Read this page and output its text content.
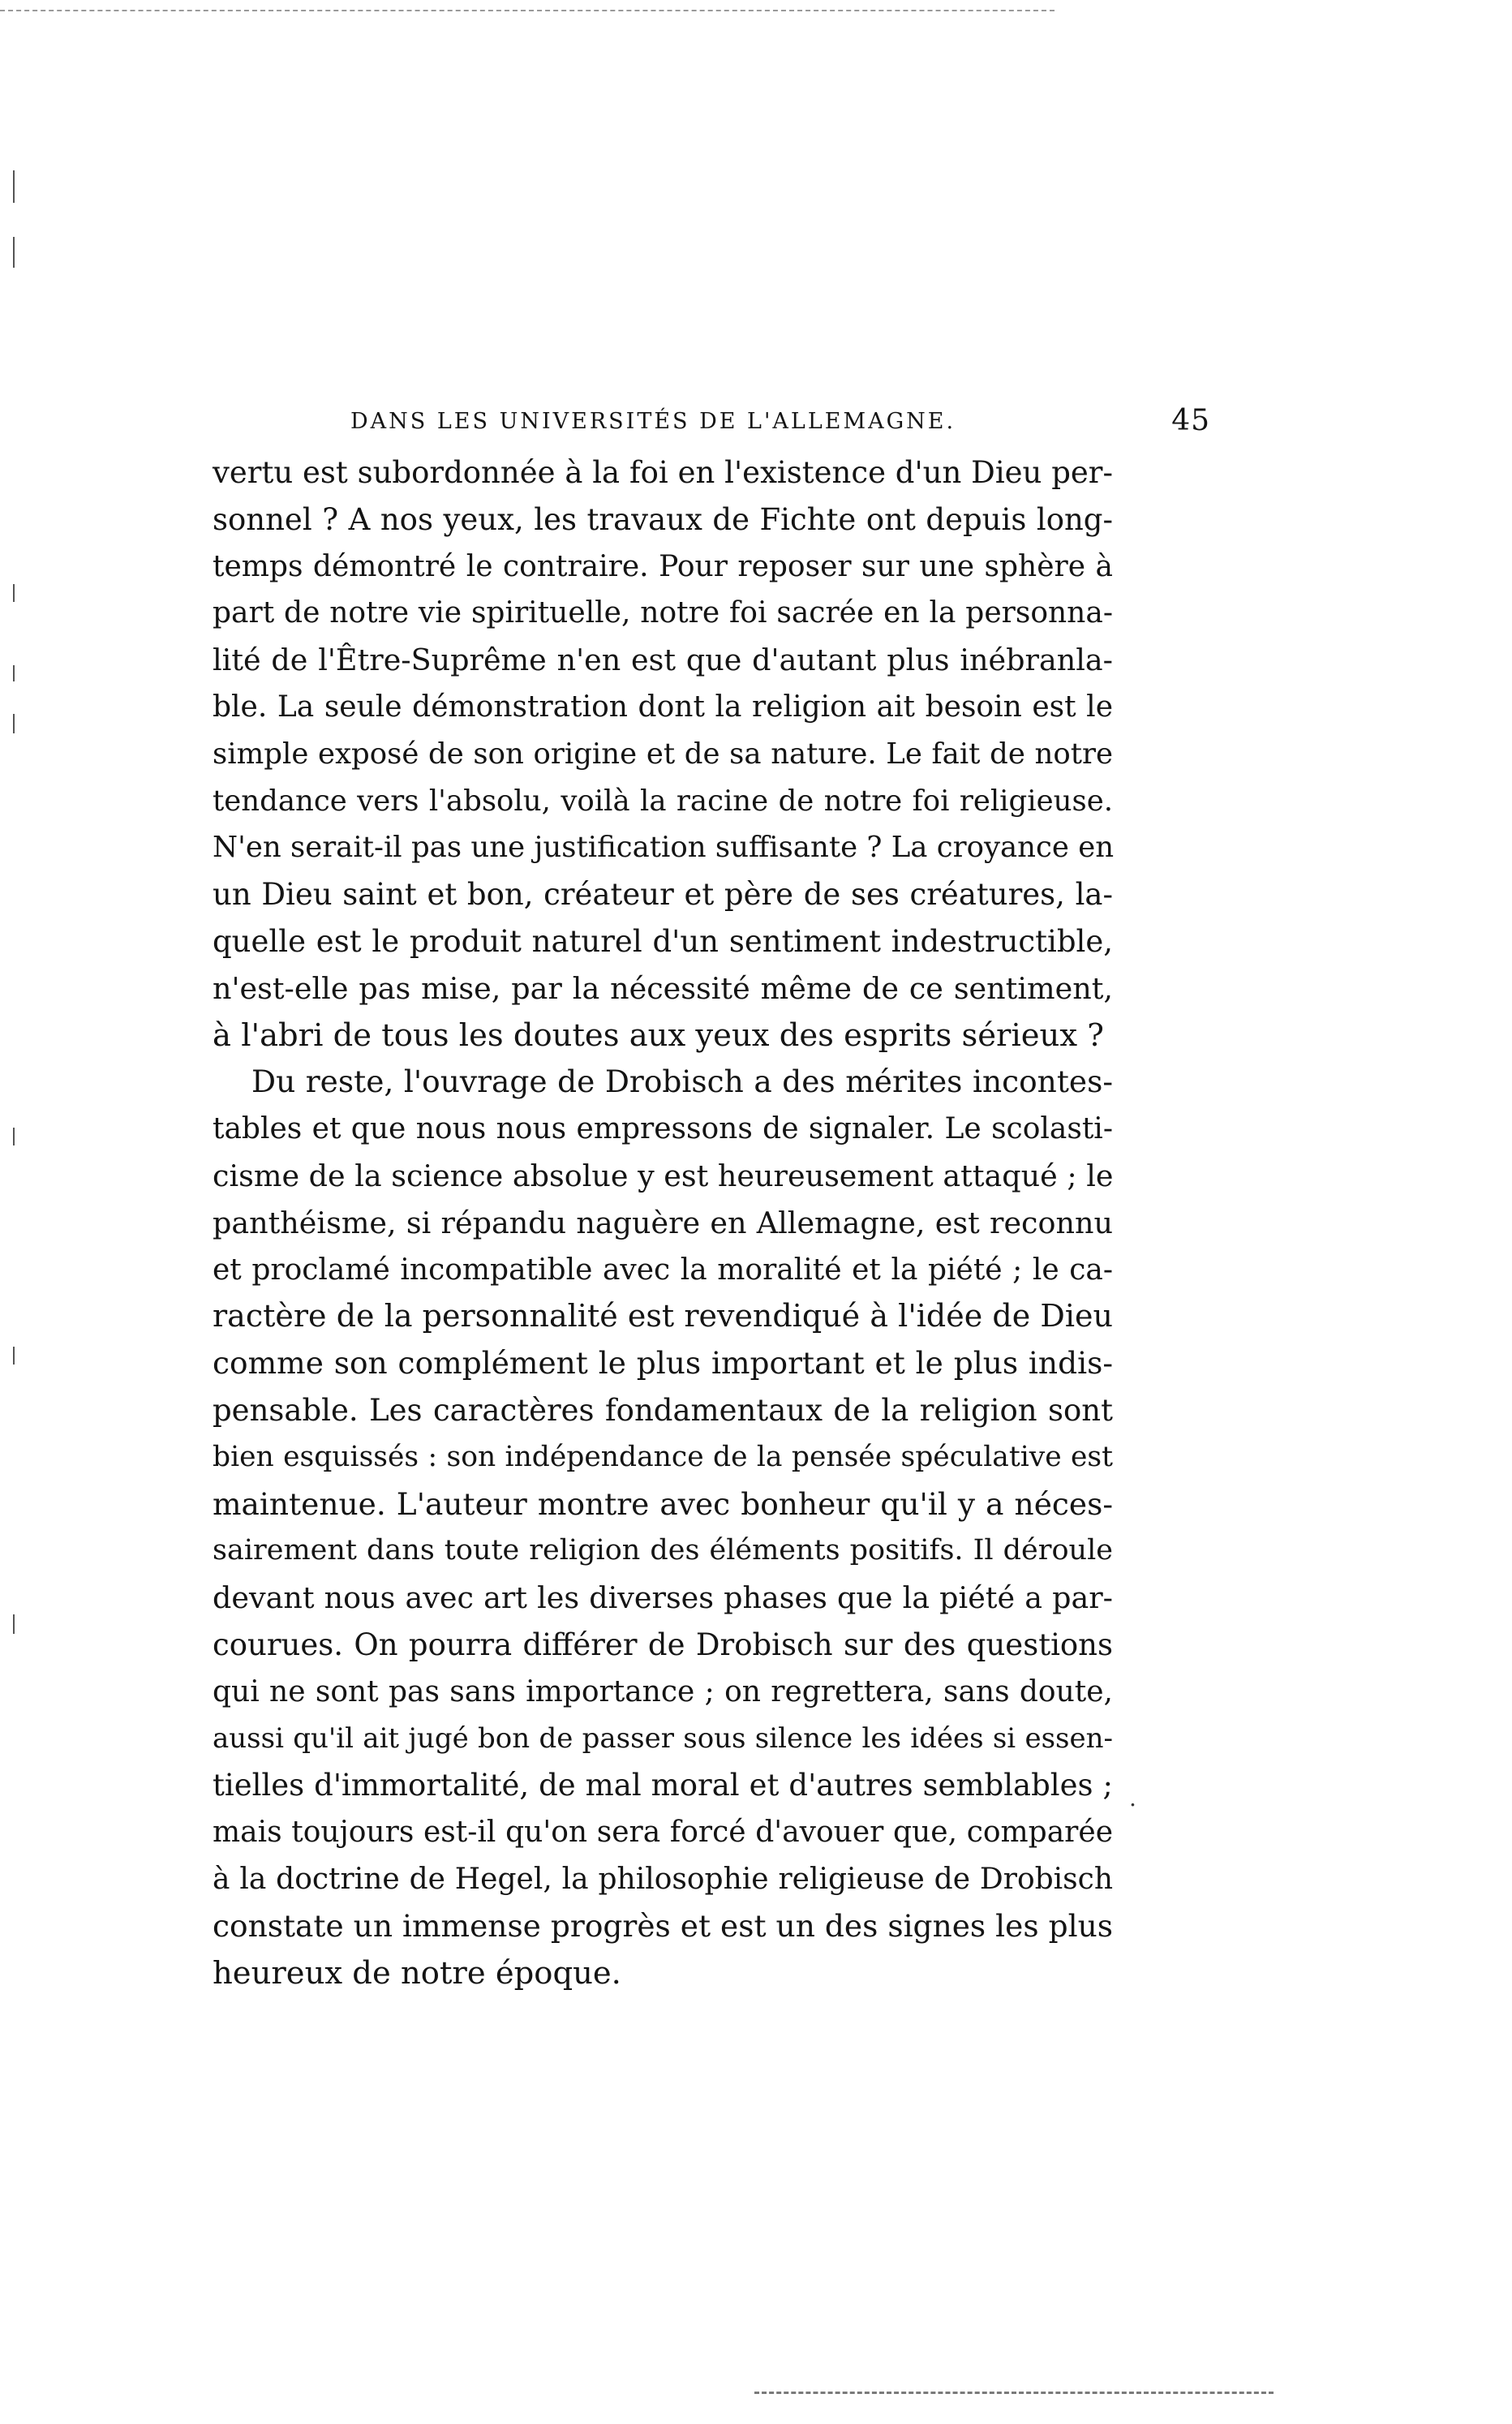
DANS LES UNIVERSITÉS DE L'ALLEMAGNE.	45

vertu est subordonnée à la foi en l'existence d'un Dieu per-
sonnel ? A nos yeux, les travaux de Fichte ont depuis long-
temps démontré le contraire. Pour reposer sur une sphère à
part de notre vie spirituelle, notre foi sacrée en la personna-
lité de l'Être-Suprême n'en est que d'autant plus inébranla-
ble. La seule démonstration dont la religion ait besoin est le
simple exposé de son origine et de sa nature. Le fait de notre
tendance vers l'absolu, voilà la racine de notre foi religieuse.
N'en serait-il pas une justification suffisante ? La croyance en
un Dieu saint et bon, créateur et père de ses créatures, la-
quelle est le produit naturel d'un sentiment indestructible,
n'est-elle pas mise, par la nécessité même de ce sentiment,
à l'abri de tous les doutes aux yeux des esprits sérieux ?

Du reste, l'ouvrage de Drobisch a des mérites incontes-
tables et que nous nous empressons de signaler. Le scolasti-
cisme de la science absolue y est heureusement attaqué ; le
panthéisme, si répandu naguère en Allemagne, est reconnu
et proclamé incompatible avec la moralité et la piété ; le ca-
ractère de la personnalité est revendiqué à l'idée de Dieu
comme son complément le plus important et le plus indis-
pensable. Les caractères fondamentaux de la religion sont
bien esquissés : son indépendance de la pensée spéculative est
maintenue. L'auteur montre avec bonheur qu'il y a néces-
sairement dans toute religion des éléments positifs. Il déroule
devant nous avec art les diverses phases que la piété a par-
courues. On pourra différer de Drobisch sur des questions
qui ne sont pas sans importance ; on regrettera, sans doute,
aussi qu'il ait jugé bon de passer sous silence les idées si essen-
tielles d'immortalité, de mal moral et d'autres semblables ;
mais toujours est-il qu'on sera forcé d'avouer que, comparée
à la doctrine de Hegel, la philosophie religieuse de Drobisch
constate un immense progrès et est un des signes les plus
heureux de notre époque.

.
